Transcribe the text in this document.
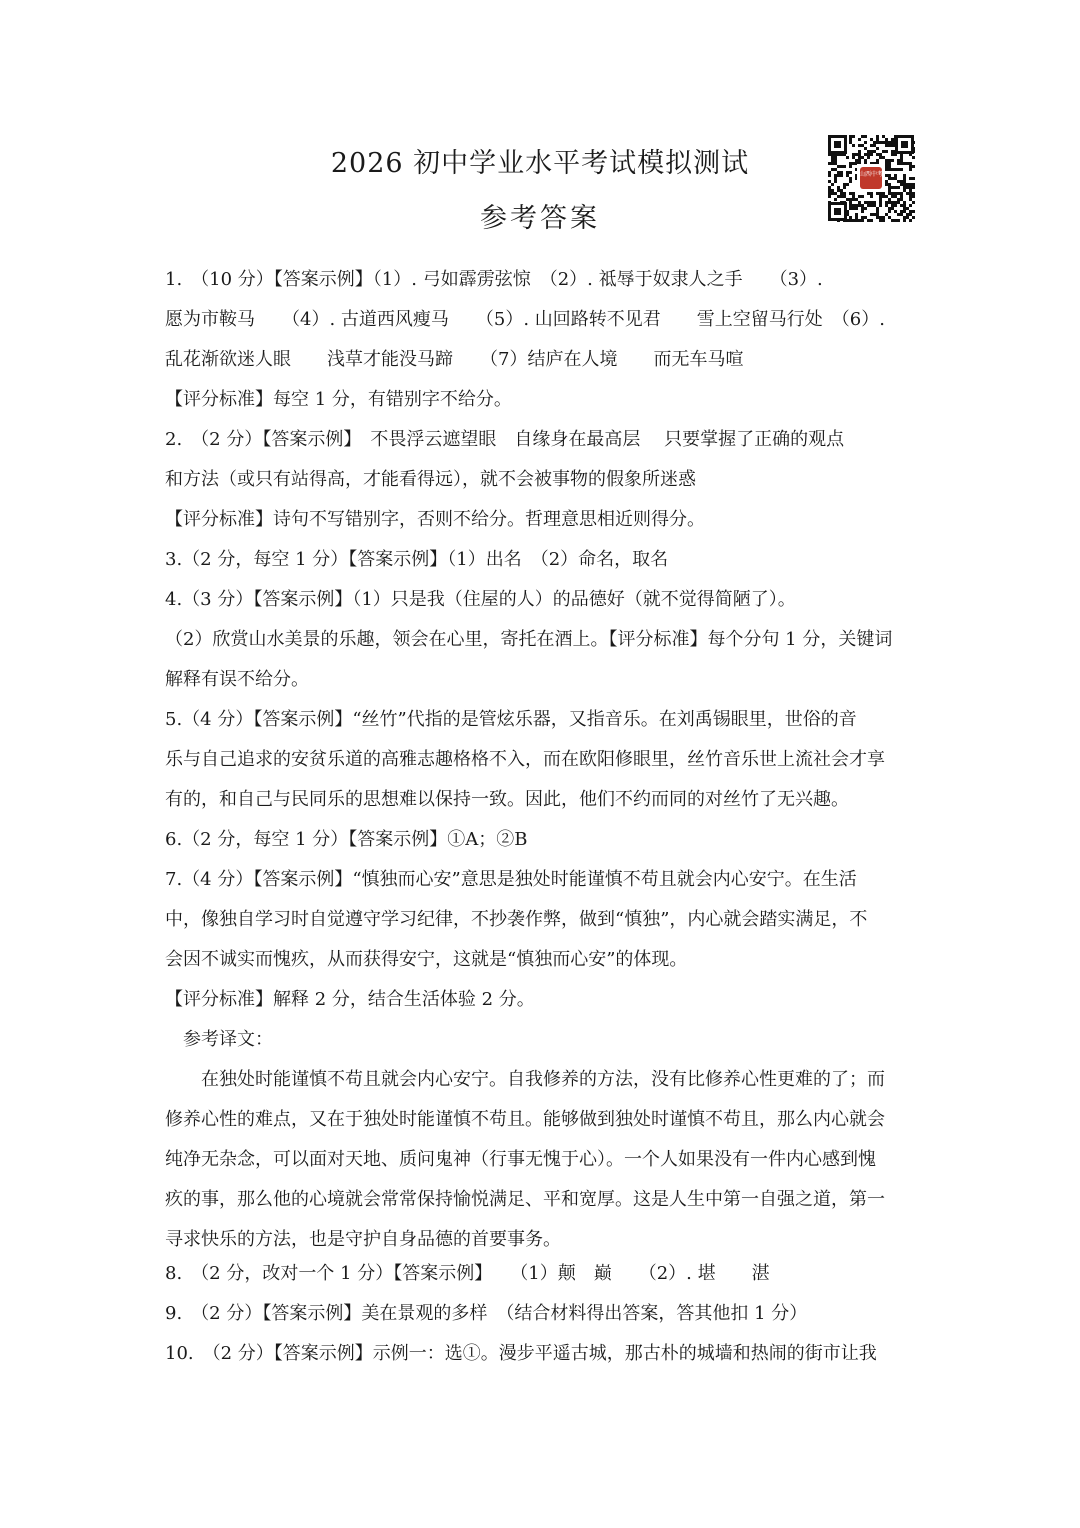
2026 初中学业水平考试模拟测试
参考答案
山西中考
1.　（10 分）【答案示例】（1）. 弓如霹雳弦惊　（2）. 祗辱于奴隶人之手　　（3）.
愿为市鞍马　　（4）. 古道西风瘦马　　（5）. 山回路转不见君　　雪上空留马行处　（6）.
乱花渐欲迷人眼　　浅草才能没马蹄　　（7）结庐在人境　　而无车马喧
【评分标准】每空 1 分，有错别字不给分。
2.　（2 分）【答案示例】　不畏浮云遮望眼　自缘身在最高层　 只要掌握了正确的观点
和方法（或只有站得高，才能看得远），就不会被事物的假象所迷惑
【评分标准】诗句不写错别字，否则不给分。哲理意思相近则得分。
3.（2 分，每空 1 分）【答案示例】（1）出名　（2）命名，取名
4.（3 分）【答案示例】（1）只是我（住屋的人）的品德好（就不觉得简陋了）。
（2）欣赏山水美景的乐趣，领会在心里，寄托在酒上。【评分标准】每个分句 1 分，关键词
解释有误不给分。
5.（4 分）【答案示例】“丝竹”代指的是管炫乐器，又指音乐。在刘禹锡眼里，世俗的音
乐与自己追求的安贫乐道的高雅志趣格格不入，而在欧阳修眼里，丝竹音乐世上流社会才享
有的，和自己与民同乐的思想难以保持一致。因此，他们不约而同的对丝竹了无兴趣。
6.（2 分，每空 1 分）【答案示例】①A；②B
7.（4 分）【答案示例】“慎独而心安”意思是独处时能谨慎不苟且就会内心安宁。在生活
中，像独自学习时自觉遵守学习纪律，不抄袭作弊，做到“慎独”，内心就会踏实满足，不
会因不诚实而愧疚，从而获得安宁，这就是“慎独而心安”的体现。
【评分标准】解释 2 分，结合生活体验 2 分。
　参考译文：
　　在独处时能谨慎不苟且就会内心安宁。自我修养的方法，没有比修养心性更难的了；而
修养心性的难点，又在于独处时能谨慎不苟且。能够做到独处时谨慎不苟且，那么内心就会
纯净无杂念，可以面对天地、质问鬼神（行事无愧于心）。一个人如果没有一件内心感到愧
疚的事，那么他的心境就会常常保持愉悦满足、平和宽厚。这是人生中第一自强之道，第一
寻求快乐的方法，也是守护自身品德的首要事务。
8.　（2 分，改对一个 1 分）【答案示例】　　（1）颠　巅　　（2）. 堪　　湛
9.　（2 分）【答案示例】美在景观的多样　（结合材料得出答案，答其他扣 1 分）
10.　（2 分）【答案示例】示例一：选①。漫步平遥古城，那古朴的城墙和热闹的街市让我
